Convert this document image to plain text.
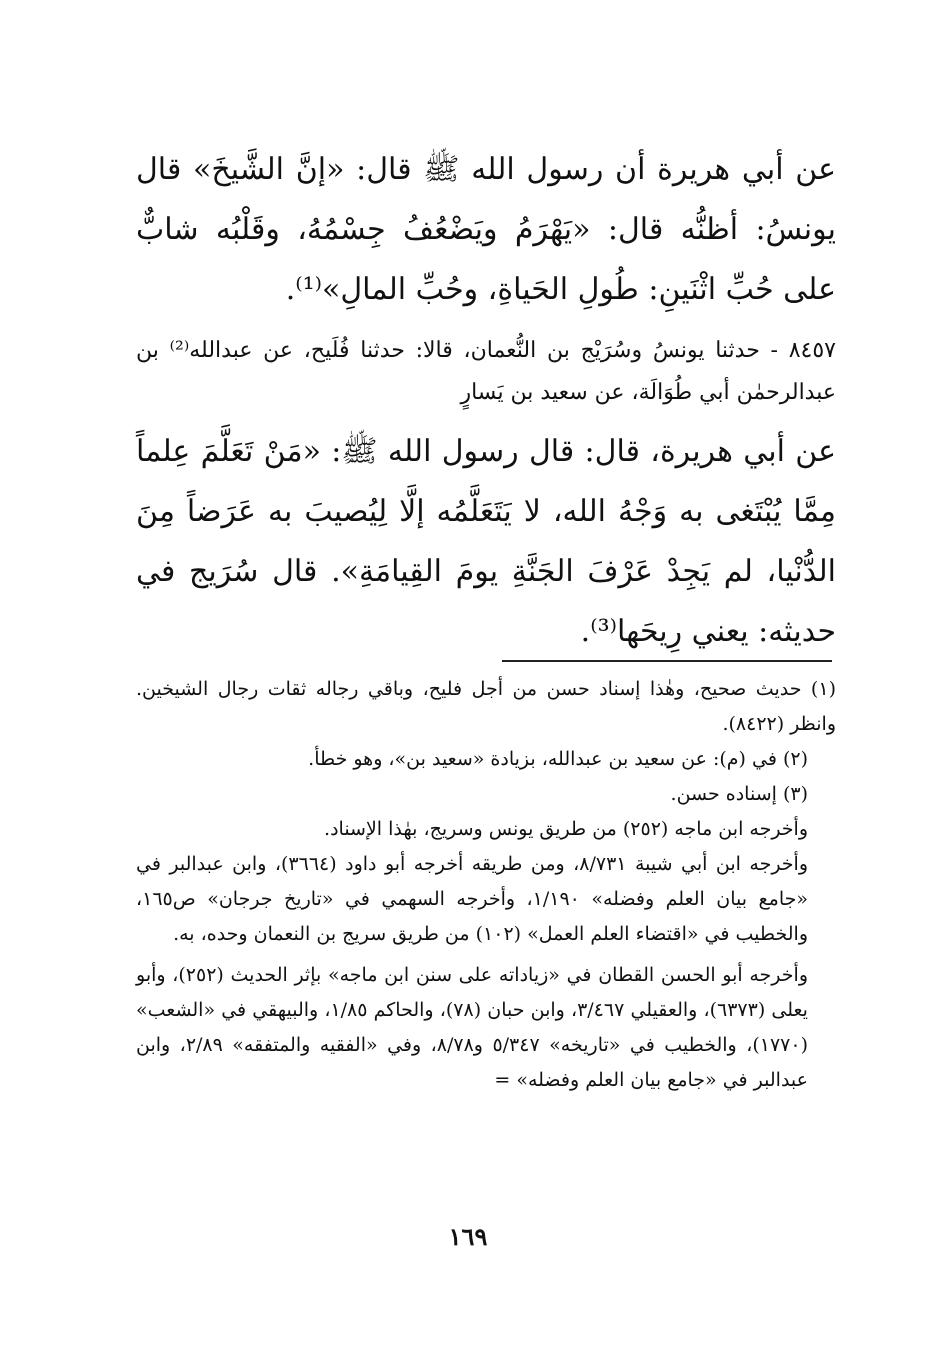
عن أبي هريرة أن رسول الله ﷺ قال: «إنَّ الشَّيخَ» قال يونسُ: أظنُّه قال: «يَهْرَمُ ويَضْعُفُ جِسْمُهُ، وقَلْبُه شابٌّ على حُبِّ اثْنَينِ: طُولِ الحَياةِ، وحُبِّ المالِ»⁽¹⁾.

٨٤٥٧ - حدثنا يونسُ وسُرَيْج بن النُّعمان، قالا: حدثنا فُلَيح، عن عبدالله⁽²⁾ بن عبدالرحمٰن أبي طُوَالَة، عن سعيد بن يَسارٍ

عن أبي هريرة، قال: قال رسول الله ﷺ: «مَنْ تَعَلَّمَ عِلماً مِمَّا يُبْتَغى به وَجْهُ الله، لا يَتَعَلَّمُه إلَّا لِيُصيبَ به عَرَضاً مِنَ الدُّنْيا، لم يَجِدْ عَرْفَ الجَنَّةِ يومَ القِيامَةِ». قال سُرَيج في حديثه: يعني رِيحَها⁽³⁾.

(١) حديث صحيح، وهٰذا إسناد حسن من أجل فليح، وباقي رجاله ثقات رجال الشيخين. وانظر (٨٤٢٢).

(٢) في (م): عن سعيد بن عبدالله، بزيادة «سعيد بن»، وهو خطأ.

(٣) إسناده حسن.

وأخرجه ابن ماجه (٢٥٢) من طريق يونس وسريج، بهٰذا الإسناد.

وأخرجه ابن أبي شيبة ٨/٧٣١، ومن طريقه أخرجه أبو داود (٣٦٦٤)، وابن عبدالبر في «جامع بيان العلم وفضله» ١/١٩٠، وأخرجه السهمي في «تاريخ جرجان» ص١٦٥، والخطيب في «اقتضاء العلم العمل» (١٠٢) من طريق سريج بن النعمان وحده، به.

وأخرجه أبو الحسن القطان في «زياداته على سنن ابن ماجه» بإثر الحديث (٢٥٢)، وأبو يعلى (٦٣٧٣)، والعقيلي ٣/٤٦٧، وابن حبان (٧٨)، والحاكم ١/٨٥، والبيهقي في «الشعب» (١٧٧٠)، والخطيب في «تاريخه» ٥/٣٤٧ و٨/٧٨، وفي «الفقيه والمتفقه» ٢/٨٩، وابن عبدالبر في «جامع بيان العلم وفضله» =

١٦٩
